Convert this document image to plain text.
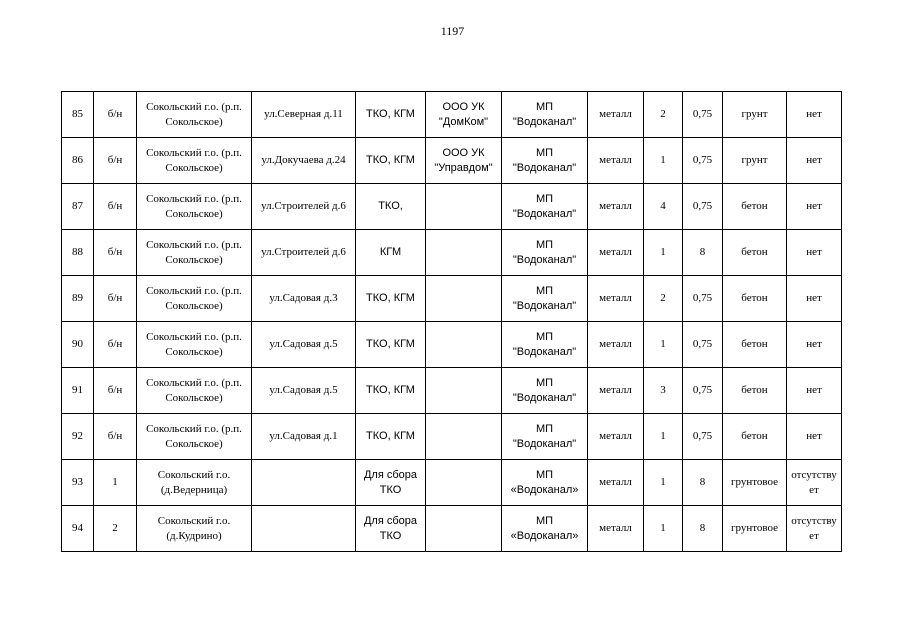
1197
85	б/н	Сокольский г.о. (р.п.
Сокольское)	ул.Северная д.11	ТКО, КГМ	ООО УК
"ДомКом"	МП
"Водоканал"	металл	2	0,75	грунт	нет

86	б/н	Сокольский г.о. (р.п.
Сокольское)	ул.Докучаева д.24	ТКО, КГМ	ООО УК
"Управдом"	МП
"Водоканал"	металл	1	0,75	грунт	нет

87	б/н	Сокольский г.о. (р.п.
Сокольское)	ул.Строителей д.6	ТКО,		МП
"Водоканал"	металл	4	0,75	бетон	нет

88	б/н	Сокольский г.о. (р.п.
Сокольское)	ул.Строителей д.6	КГМ		МП
"Водоканал"	металл	1	8	бетон	нет

89	б/н	Сокольский г.о. (р.п.
Сокольское)	ул.Садовая д.3	ТКО, КГМ		МП
"Водоканал"	металл	2	0,75	бетон	нет

90	б/н	Сокольский г.о. (р.п.
Сокольское)	ул.Садовая д.5	ТКО, КГМ		МП
"Водоканал"	металл	1	0,75	бетон	нет

91	б/н	Сокольский г.о. (р.п.
Сокольское)	ул.Садовая д.5	ТКО, КГМ		МП
"Водоканал"	металл	3	0,75	бетон	нет

92	б/н	Сокольский г.о. (р.п.
Сокольское)	ул.Садовая д.1	ТКО, КГМ		МП
"Водоканал"	металл	1	0,75	бетон	нет

93	1	Сокольский г.о.
(д.Ведерница)		Для сбора
ТКО		МП
«Водоканал»	металл	1	8	грунтовое	отсутству
ет
94	2	Сокольский г.о.
(д.Кудрино)		Для сбора
ТКО		МП
«Водоканал»	металл	1	8	грунтовое	отсутству
ет
